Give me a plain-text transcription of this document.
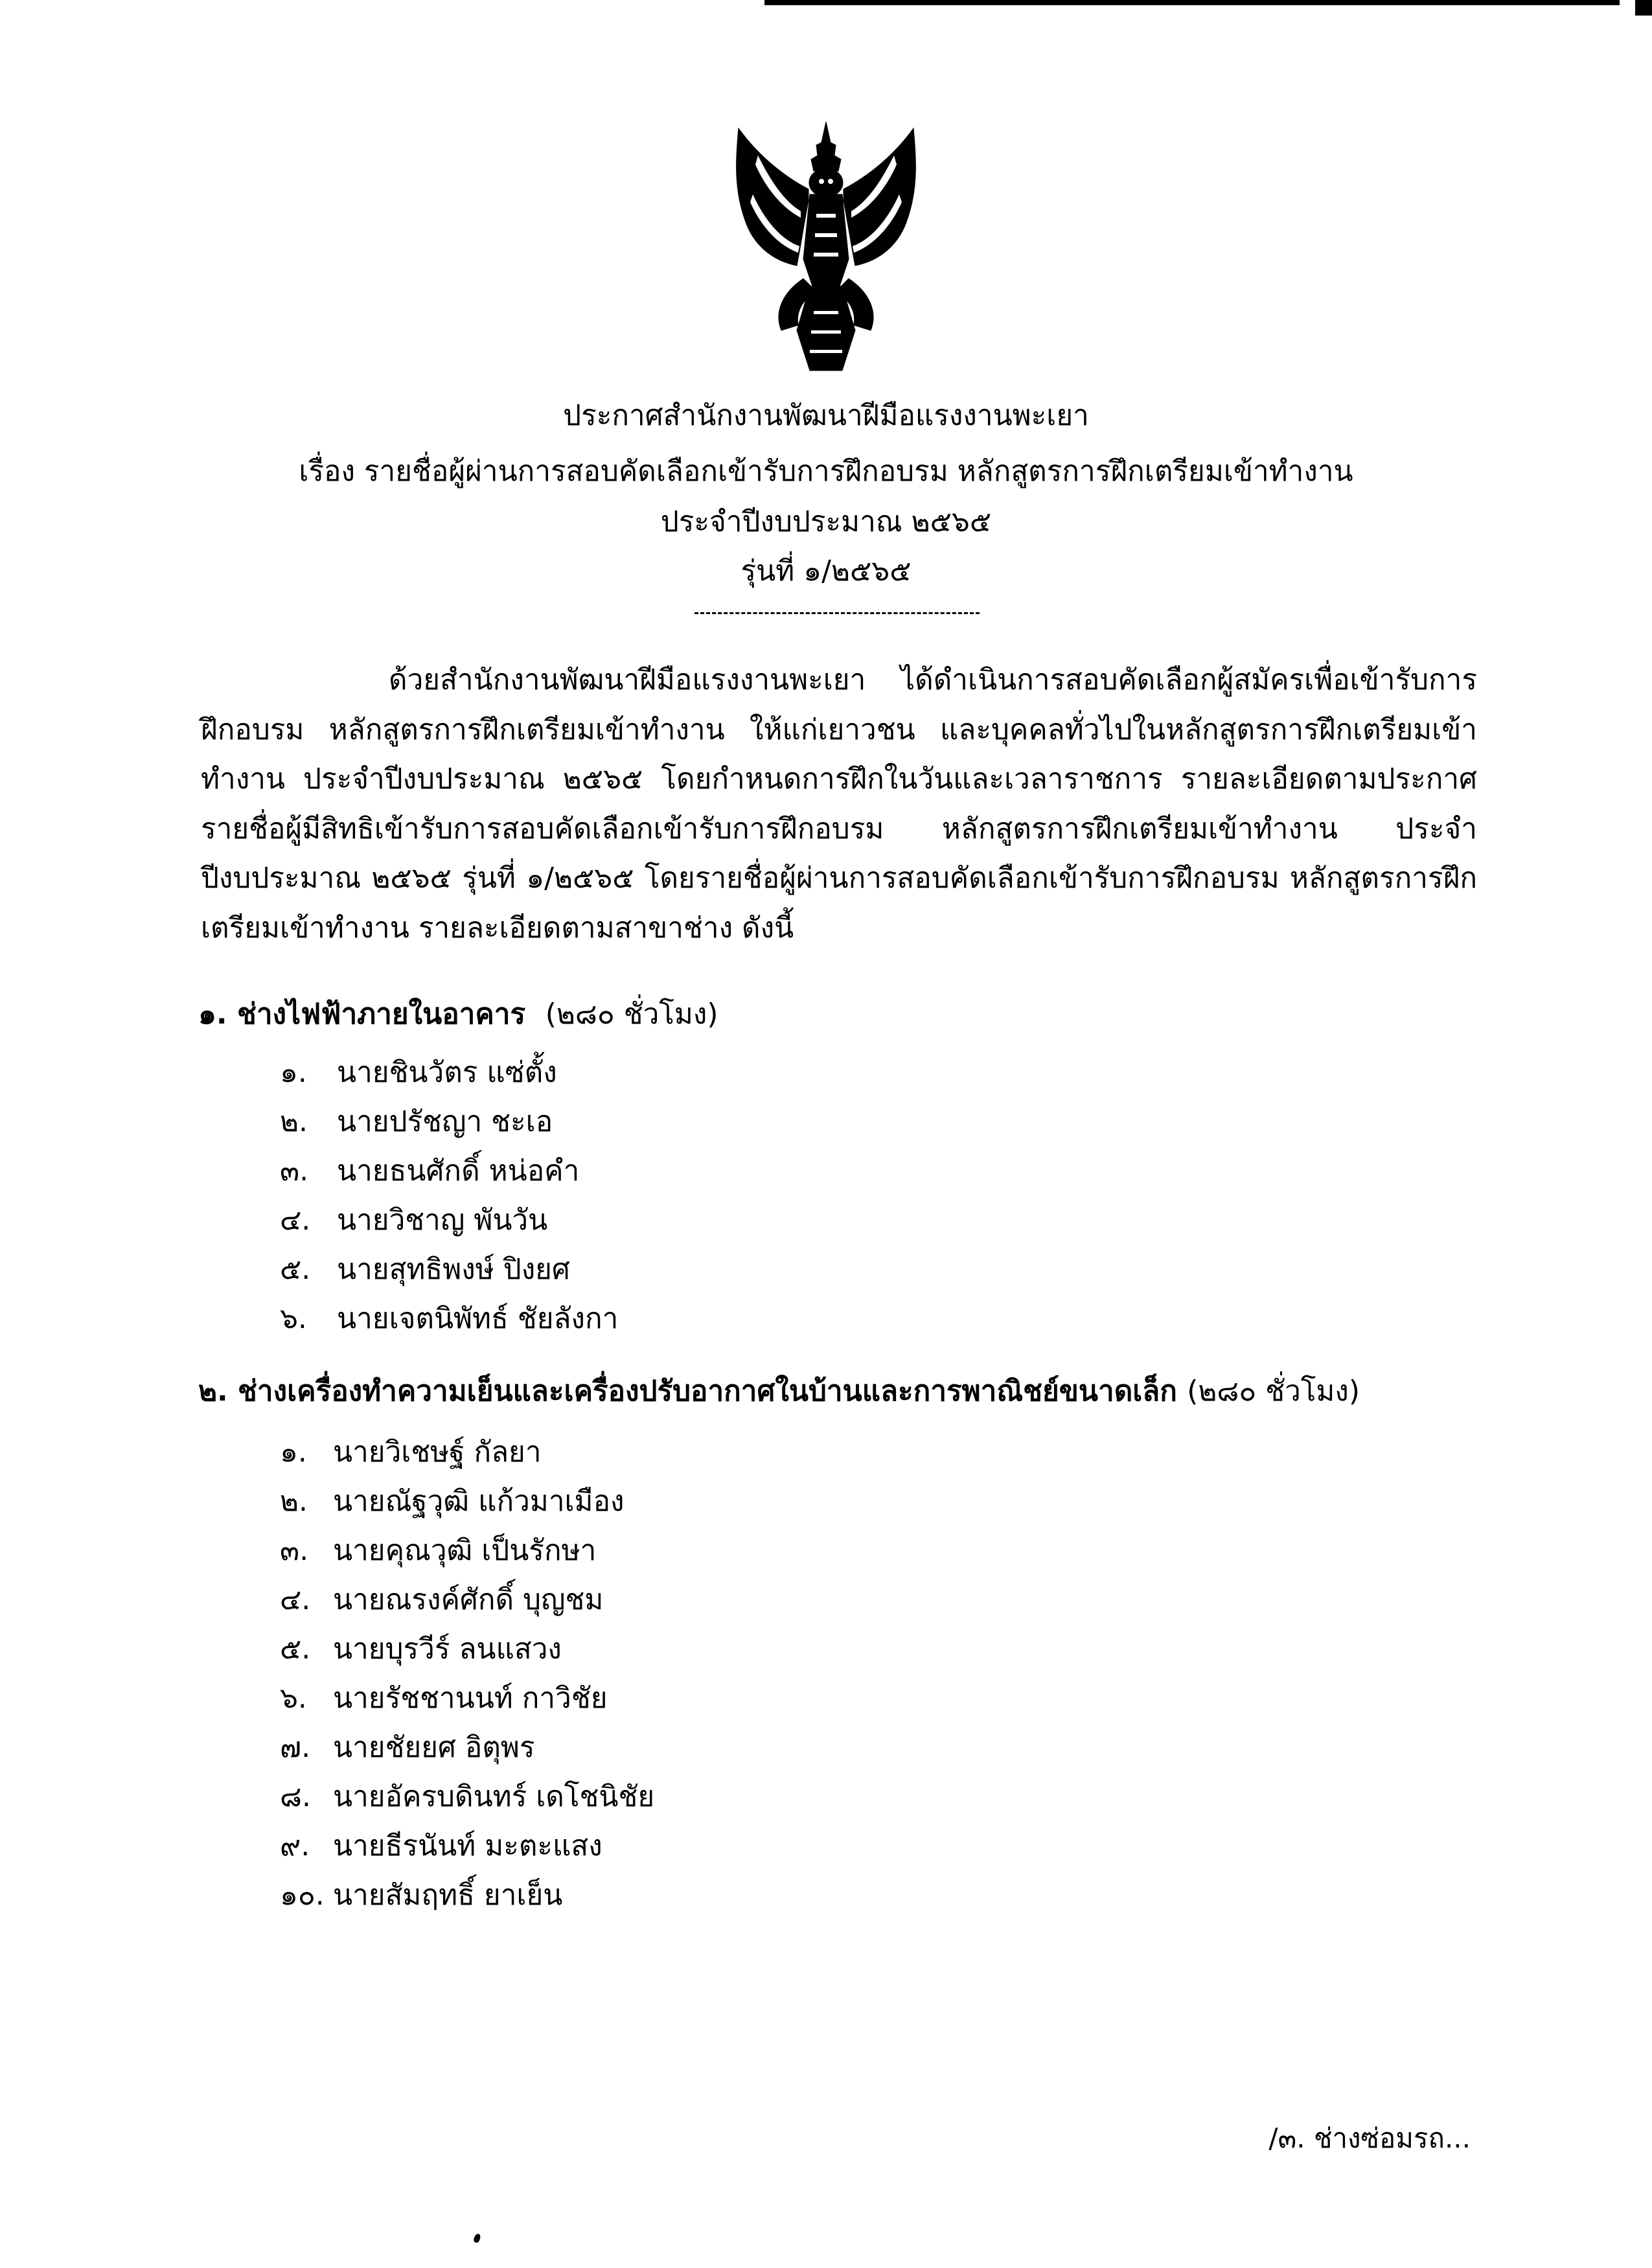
ประกาศสำนักงานพัฒนาฝีมือแรงงานพะเยา
เรื่อง รายชื่อผู้ผ่านการสอบคัดเลือกเข้ารับการฝึกอบรม หลักสูตรการฝึกเตรียมเข้าทำงาน
ประจำปีงบประมาณ ๒๕๖๕
รุ่นที่ ๑/๒๕๖๕
ด้วยสำนักงานพัฒนาฝีมือแรงงานพะเยา ได้ดำเนินการสอบคัดเลือกผู้สมัครเพื่อเข้ารับการฝึกอบรม หลักสูตรการฝึกเตรียมเข้าทำงาน ให้แก่เยาวชน และบุคคลทั่วไปในหลักสูตรการฝึกเตรียมเข้าทำงาน ประจำปีงบประมาณ ๒๕๖๕ โดยกำหนดการฝึกในวันและเวลาราชการ รายละเอียดตามประกาศรายชื่อผู้มีสิทธิเข้ารับการสอบคัดเลือกเข้ารับการฝึกอบรม หลักสูตรการฝึกเตรียมเข้าทำงาน ประจำปีงบประมาณ ๒๕๖๕ รุ่นที่ ๑/๒๕๖๕ โดยรายชื่อผู้ผ่านการสอบคัดเลือกเข้ารับการฝึกอบรม หลักสูตรการฝึกเตรียมเข้าทำงาน รายละเอียดตามสาขาช่าง ดังนี้
๑. ช่างไฟฟ้าภายในอาคาร (๒๘๐ ชั่วโมง)
๑. นายชินวัตร แซ่ตั้ง
๒. นายปรัชญา ชะเอ
๓. นายธนศักดิ์ หน่อคำ
๔. นายวิชาญ พันวัน
๕. นายสุทธิพงษ์ ปิงยศ
๖. นายเจตนิพัทธ์ ชัยลังกา
๒. ช่างเครื่องทำความเย็นและเครื่องปรับอากาศในบ้านและการพาณิชย์ขนาดเล็ก (๒๘๐ ชั่วโมง)
๑. นายวิเชษฐ์ กัลยา
๒. นายณัฐวุฒิ แก้วมาเมือง
๓. นายคุณวุฒิ เป็นรักษา
๔. นายณรงค์ศักดิ์ บุญชม
๕. นายบุรวีร์ ลนแสวง
๖. นายรัชชานนท์ กาวิชัย
๗. นายชัยยศ อิตุพร
๘. นายอัครบดินทร์ เดโชนิชัย
๙. นายธีรนันท์ มะตะแสง
๑๐. นายสัมฤทธิ์ ยาเย็น
/๓. ช่างซ่อมรถ...
